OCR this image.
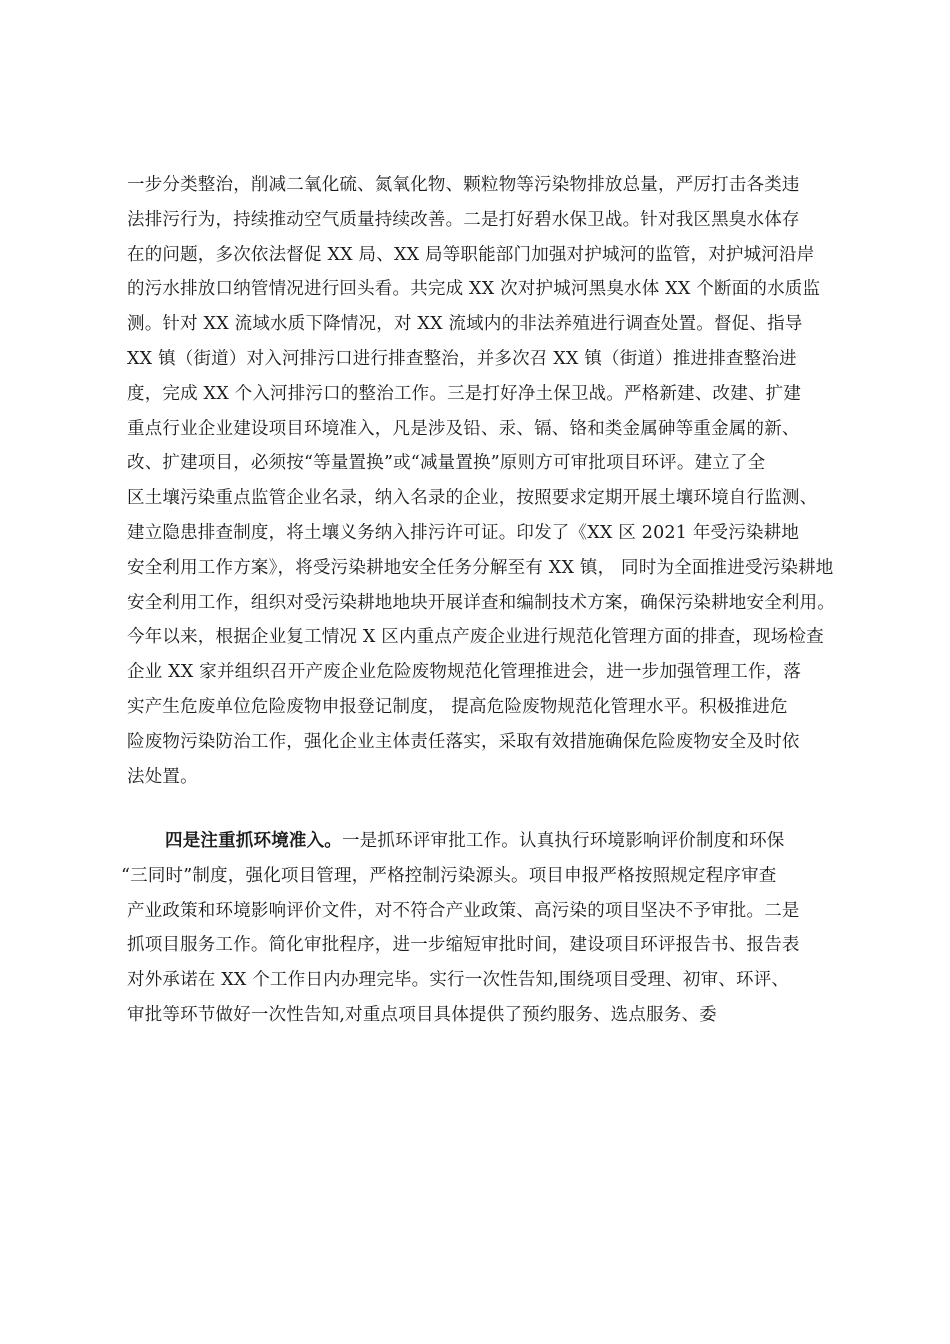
一步分类整治，削减二氧化硫、氮氧化物、颗粒物等污染物排放总量，严厉打击各类违
法排污行为，持续推动空气质量持续改善。二是打好碧水保卫战。针对我区黑臭水体存
在的问题，多次依法督促 XX 局、XX 局等职能部门加强对护城河的监管，对护城河沿岸
的污水排放口纳管情况进行回头看。共完成 XX 次对护城河黑臭水体 XX 个断面的水质监
测。针对 XX 流域水质下降情况，对 XX 流域内的非法养殖进行调查处置。督促、指导
XX 镇（街道）对入河排污口进行排查整治，并多次召 XX 镇（街道）推进排查整治进
度，完成 XX 个入河排污口的整治工作。三是打好净土保卫战。严格新建、改建、扩建
重点行业企业建设项目环境准入，凡是涉及铅、汞、镉、铬和类金属砷等重金属的新、
改、扩建项目，必须按“等量置换”或“减量置换”原则方可审批项目环评。建立了全
区土壤污染重点监管企业名录，纳入名录的企业，按照要求定期开展土壤环境自行监测、
建立隐患排查制度，将土壤义务纳入排污许可证。印发了《XX 区 2021 年受污染耕地
安全利用工作方案》，将受污染耕地安全任务分解至有 XX 镇， 同时为全面推进受污染耕地
安全利用工作，组织对受污染耕地地块开展详查和编制技术方案，确保污染耕地安全利用。
今年以来，根据企业复工情况 X 区内重点产废企业进行规范化管理方面的排查，现场检查
企业 XX 家并组织召开产废企业危险废物规范化管理推进会，进一步加强管理工作，落
实产生危废单位危险废物申报登记制度， 提高危险废物规范化管理水平。积极推进危
险废物污染防治工作，强化企业主体责任落实，采取有效措施确保危险废物安全及时依
法处置。
四是注重抓环境准入。一是抓环评审批工作。认真执行环境影响评价制度和环保
“三同时”制度，强化项目管理，严格控制污染源头。项目申报严格按照规定程序审查
产业政策和环境影响评价文件，对不符合产业政策、高污染的项目坚决不予审批。二是
抓项目服务工作。简化审批程序，进一步缩短审批时间，建设项目环评报告书、报告表
对外承诺在 XX 个工作日内办理完毕。实行一次性告知,围绕项目受理、初审、环评、
审批等环节做好一次性告知,对重点项目具体提供了预约服务、选点服务、委
